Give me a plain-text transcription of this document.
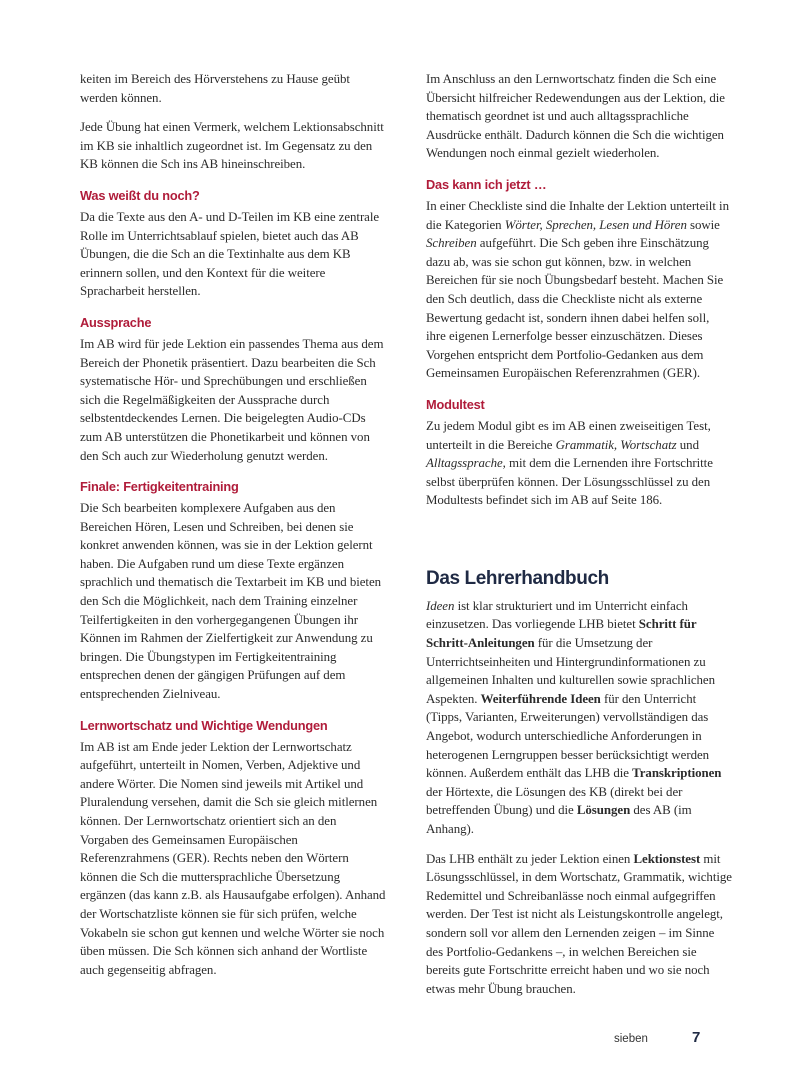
keiten im Bereich des Hörverstehens zu Hause geübt werden können.

Jede Übung hat einen Vermerk, welchem Lektionsabschnitt im KB sie inhaltlich zugeordnet ist. Im Gegensatz zu den KB können die Sch ins AB hineinschreiben.

Was weißt du noch?

Da die Texte aus den A- und D-Teilen im KB eine zentrale Rolle im Unterrichtsablauf spielen, bietet auch das AB Übungen, die die Sch an die Textinhalte aus dem KB erinnern sollen, und den Kontext für die weitere Spracharbeit herstellen.

Aussprache

Im AB wird für jede Lektion ein passendes Thema aus dem Bereich der Phonetik präsentiert. Dazu bearbeiten die Sch systematische Hör- und Sprechübungen und erschließen sich die Regelmäßigkeiten der Aussprache durch selbstentdeckendes Lernen. Die beigelegten Audio-CDs zum AB unterstützen die Phonetikarbeit und können von den Sch auch zur Wiederholung genutzt werden.

Finale: Fertigkeitentraining

Die Sch bearbeiten komplexere Aufgaben aus den Bereichen Hören, Lesen und Schreiben, bei denen sie konkret anwenden können, was sie in der Lektion gelernt haben. Die Aufgaben rund um diese Texte ergänzen sprachlich und thematisch die Textarbeit im KB und bieten den Sch die Möglichkeit, nach dem Training einzelner Teilfertigkeiten in den vorhergegangenen Übungen ihr Können im Rahmen der Zielfertigkeit zur Anwendung zu bringen. Die Übungstypen im Fertigkeitentraining entsprechen denen der gängigen Prüfungen auf dem entsprechenden Zielniveau.

Lernwortschatz und Wichtige Wendungen

Im AB ist am Ende jeder Lektion der Lernwortschatz aufgeführt, unterteilt in Nomen, Verben, Adjektive und andere Wörter. Die Nomen sind jeweils mit Artikel und Pluralendung versehen, damit die Sch sie gleich mitlernen können. Der Lernwortschatz orientiert sich an den Vorgaben des Gemeinsamen Europäischen Referenzrahmens (GER). Rechts neben den Wörtern können die Sch die muttersprachliche Übersetzung ergänzen (das kann z.B. als Hausaufgabe erfolgen). Anhand der Wortschatzliste können sie für sich prüfen, welche Vokabeln sie schon gut kennen und welche Wörter sie noch üben müssen. Die Sch können sich anhand der Wortliste auch gegenseitig abfragen.

Im Anschluss an den Lernwortschatz finden die Sch eine Übersicht hilfreicher Redewendungen aus der Lektion, die thematisch geordnet ist und auch alltagssprachliche Ausdrücke enthält. Dadurch können die Sch die wichtigen Wendungen noch einmal gezielt wiederholen.

Das kann ich jetzt …

In einer Checkliste sind die Inhalte der Lektion unterteilt in die Kategorien Wörter, Sprechen, Lesen und Hören sowie Schreiben aufgeführt. Die Sch geben ihre Einschätzung dazu ab, was sie schon gut können, bzw. in welchen Bereichen für sie noch Übungsbedarf besteht. Machen Sie den Sch deutlich, dass die Checkliste nicht als externe Bewertung gedacht ist, sondern ihnen dabei helfen soll, ihre eigenen Lernerfolge besser einzuschätzen. Dieses Vorgehen entspricht dem Portfolio-Gedanken aus dem Gemeinsamen Europäischen Referenzrahmen (GER).

Modultest

Zu jedem Modul gibt es im AB einen zweiseitigen Test, unterteilt in die Bereiche Grammatik, Wortschatz und Alltagssprache, mit dem die Lernenden ihre Fortschritte selbst überprüfen können. Der Lösungsschlüssel zu den Modultests befindet sich im AB auf Seite 186.

Das Lehrerhandbuch

Ideen ist klar strukturiert und im Unterricht einfach einzusetzen. Das vorliegende LHB bietet Schritt für Schritt-Anleitungen für die Umsetzung der Unterrichtseinheiten und Hintergrundinformationen zu allgemeinen Inhalten und kulturellen sowie sprachlichen Aspekten. Weiterführende Ideen für den Unterricht (Tipps, Varianten, Erweiterungen) vervollständigen das Angebot, wodurch unterschiedliche Anforderungen in heterogenen Lerngruppen besser berücksichtigt werden können. Außerdem enthält das LHB die Transkriptionen der Hörtexte, die Lösungen des KB (direkt bei der betreffenden Übung) und die Lösungen des AB (im Anhang).

Das LHB enthält zu jeder Lektion einen Lektionstest mit Lösungsschlüssel, in dem Wortschatz, Grammatik, wichtige Redemittel und Schreibanlässe noch einmal aufgegriffen werden. Der Test ist nicht als Leistungskontrolle angelegt, sondern soll vor allem den Lernenden zeigen – im Sinne des Portfolio-Gedankens –, in welchen Bereichen sie bereits gute Fortschritte erreicht haben und wo sie noch etwas mehr Übung brauchen.

sieben	7
